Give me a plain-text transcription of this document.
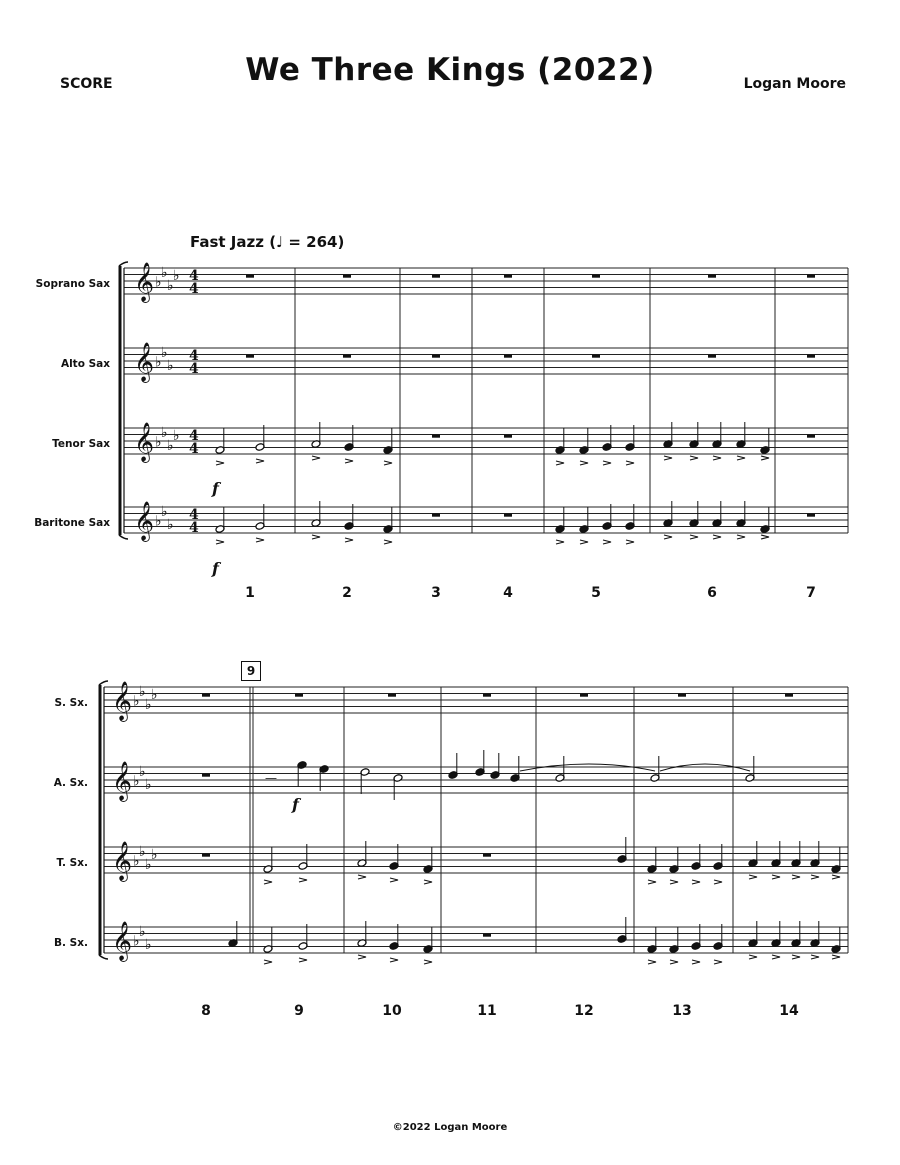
SCORE	We Three Kings (2022)	Logan Moore
Fast Jazz (♩ = 264)
Soprano Sax
Alto Sax
Tenor Sax
Baritone Sax
S. Sx.
A. Sx.
T. Sx.
B. Sx.
9
1	2	3	4	5	6	7
8	9	10	11	12	13	14
𝄞 ♭
♭
♭
♭ 4
4
𝄞 ♭
♭
♭
4
4
𝄞 ♭
♭
♭
♭ 4
4
𝄞 ♭
♭
♭
4
4
f
f
𝄞 ♭
♭
♭
♭
𝄞 ♭
♭
♭
𝄞 ♭
♭
♭
♭
𝄞 ♭
♭
♭
f
—
©2022 Logan Moore
